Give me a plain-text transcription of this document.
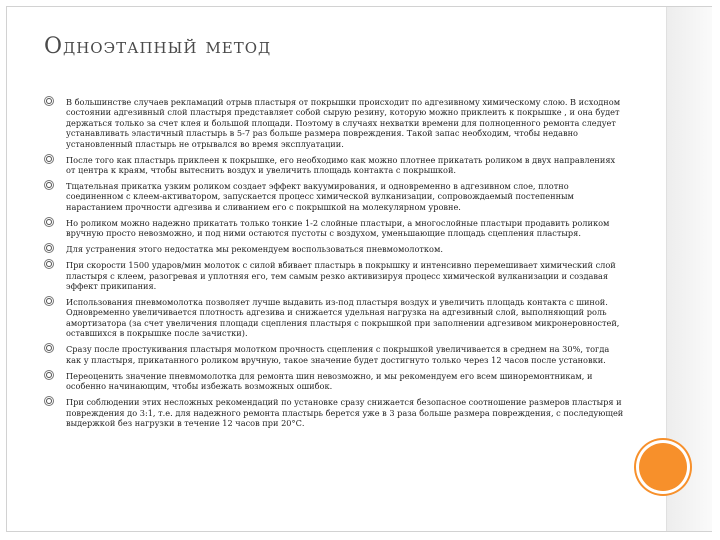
Одноэтапный метод
В большинстве случаев рекламаций отрыв пластыря от покрышки происходит по адгезивному химическому слою. В исходном состоянии адгезивный слой пластыря представляет собой сырую резину, которую можно приклеить к покрышке , и она будет держаться только за счет клея и большой площади. Поэтому в случаях нехватки времени для полноценного ремонта следует устанавливать эластичный пластырь в 5-7 раз больше размера повреждения. Такой запас необходим, чтобы недавно установленный пластырь не отрывался во время эксплуатации.
После того как пластырь приклеен к покрышке, его необходимо как можно плотнее прикатать роликом в двух направлениях от центра к краям, чтобы вытеснить воздух и увеличить площадь контакта с покрышкой.
Тщательная прикатка узким роликом создает эффект вакуумирования, и одновременно в адгезивном слое, плотно соединенном с клеем-активатором, запускается процесс химической вулканизации, сопровождаемый постепенным нарастанием прочности адгезива и сливанием его с покрышкой на молекулярном уровне.
Но роликом можно надежно прикатать только тонкие 1-2 слойные пластыри, а многослойные пластыри продавить роликом вручную просто невозможно, и под ними остаются пустоты с воздухом, уменьшающие площадь сцепления пластыря.
Для устранения этого недостатка мы рекомендуем воспользоваться пневмомолотком.
При скорости 1500 ударов/мин молоток с силой вбивает пластырь в покрышку и интенсивно перемешивает химический слой пластыря с клеем, разогревая и уплотняя его, тем самым резко активизируя процесс химической вулканизации и создавая эффект прикипания.
Использования пневмомолотка позволяет лучше выдавить из-под пластыря воздух и увеличить площадь контакта с шиной. Одновременно увеличивается плотность адгезива и снижается удельная нагрузка на адгезивный слой, выполняющий роль амортизатора (за счет увеличения площади сцепления пластыря с покрышкой при заполнении адгезивом микронеровностей, оставшихся в покрышке после зачистки).
Сразу после простукивания пластыря молотком прочность сцепления с покрышкой увеличивается в среднем на 30%, тогда как у пластыря, прикатанного роликом вручную, такое значение будет достигнуто только через 12 часов после установки.
Переоценить значение пневмомолотка для ремонта шин невозможно, и мы рекомендуем его всем шиноремонтникам, и особенно начинающим, чтобы избежать возможных ошибок.
При соблюдении этих несложных рекомендаций по установке сразу снижается безопасное соотношение размеров пластыря и повреждения до 3:1, т.е. для надежного ремонта пластырь берется уже в 3 раза больше размера повреждения, с последующей выдержкой без нагрузки в течение 12 часов при 20°С.
